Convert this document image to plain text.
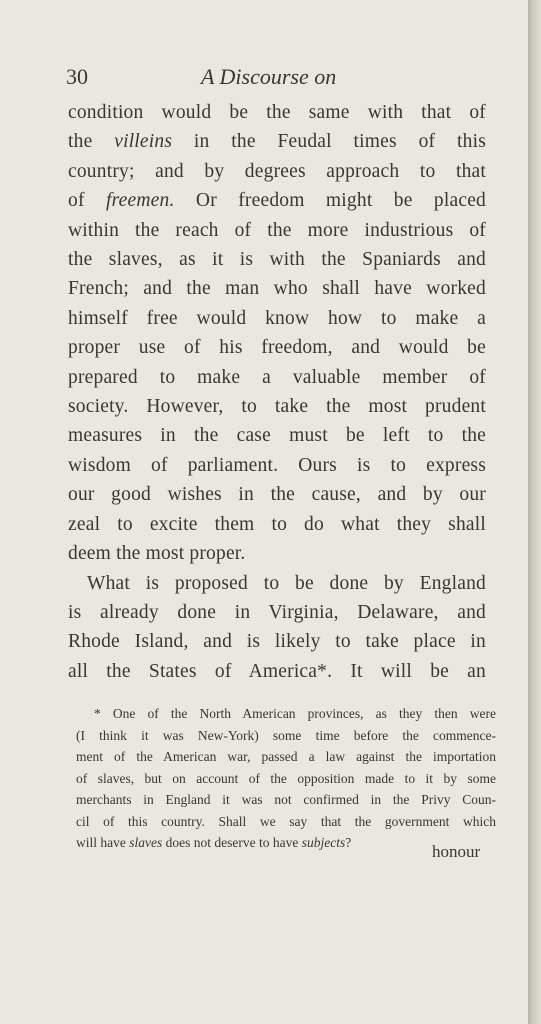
30	A Discourse on
condition would be the same with that of
the villeins in the Feudal times of this
country; and by degrees approach to that
of freemen. Or freedom might be placed
within the reach of the more industrious of
the slaves, as it is with the Spaniards and
French; and the man who shall have worked
himself free would know how to make a
proper use of his freedom, and would be
prepared to make a valuable member of
society. However, to take the most prudent
measures in the case must be left to the
wisdom of parliament. Ours is to express
our good wishes in the cause, and by our
zeal to excite them to do what they shall
deem the most proper.
What is proposed to be done by England
is already done in Virginia, Delaware, and
Rhode Island, and is likely to take place in
all the States of America*. It will be an
* One of the North American provinces, as they then were
(I think it was New-York) some time before the commence-
ment of the American war, passed a law against the importation
of slaves, but on account of the opposition made to it by some
merchants in England it was not confirmed in the Privy Coun-
cil of this country. Shall we say that the government which
will have slaves does not deserve to have subjects?	honour
